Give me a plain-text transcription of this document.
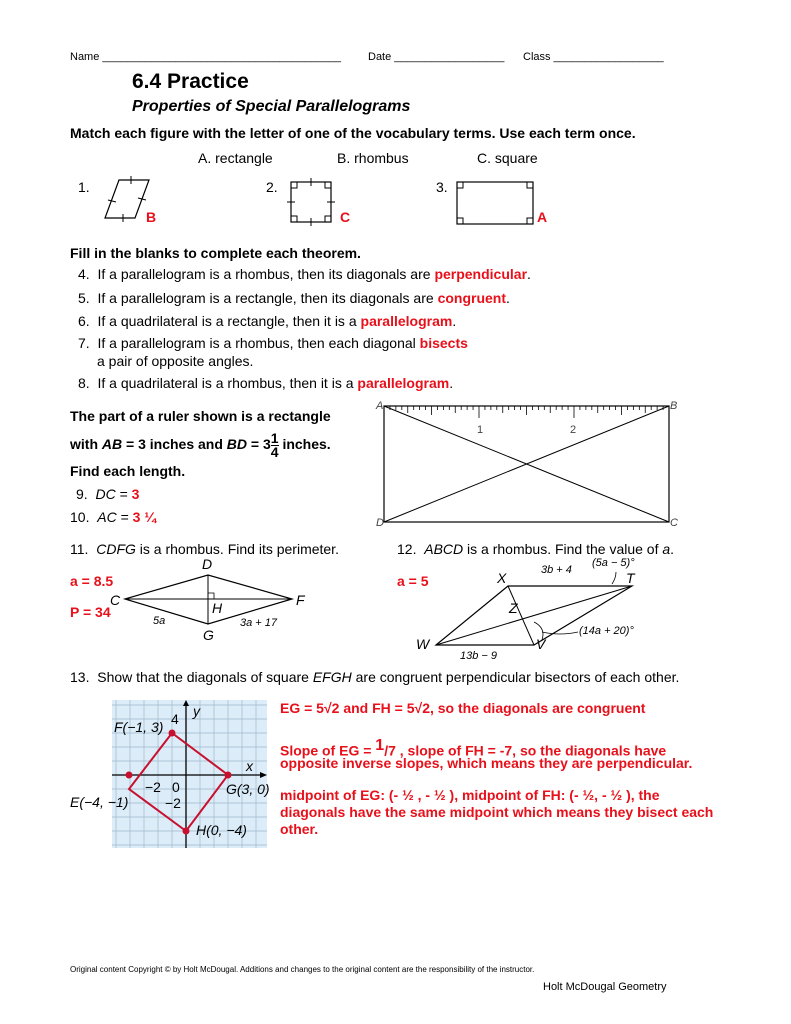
Name _______________________________________ Date __________________ Class __________________
6.4 Practice
Properties of Special Parallelograms
Match each figure with the letter of one of the vocabulary terms. Use each term once.
A. rectangle	B. rhombus	C. square
1.
B
2.
C
3.
A
Fill in the blanks to complete each theorem.
4. If a parallelogram is a rhombus, then its diagonals are perpendicular.
5. If a parallelogram is a rectangle, then its diagonals are congruent.
6. If a quadrilateral is a rectangle, then it is a parallelogram.
7. If a parallelogram is a rhombus, then each diagonal bisects
a pair of opposite angles.
8. If a quadrilateral is a rhombus, then it is a parallelogram.
The part of a ruler shown is a rectangle
with AB = 3 inches and BD = $3 \frac{1}{4}$ inches.
Find each length.
9. DC = 3
10. AC = 3 ¼
A	B
C
D
1	2
11. CDFG is a rhombus. Find its perimeter.
a = 8.5
P = 34
D
C	F
G
H
5a	3a + 17
12. ABCD is a rhombus. Find the value of a.
a = 5	X	T
Z
W	V
3b + 4
(5a − 5)°
(14a + 20)°
13b − 9
13. Show that the diagonals of square EFGH are congruent perpendicular bisectors of each other.
F(−1, 3)
E(−4, −1)
G(3, 0)
H(0, −4)
x
y
4
−2 0
−2
EG = 5√2 and FH = 5√2, so the diagonals are congruent
Slope of EG = $^1$/7 , slope of FH = -7, so the diagonals have
opposite inverse slopes, which means they are perpendicular.
midpoint of EG: (- ½ , - ½ ), midpoint of FH: (- ½, - ½ ), the
diagonals have the same midpoint which means they bisect each
other.
Original content Copyright © by Holt McDougal. Additions and changes to the original content are the responsibility of the instructor.
Holt McDougal Geometry
